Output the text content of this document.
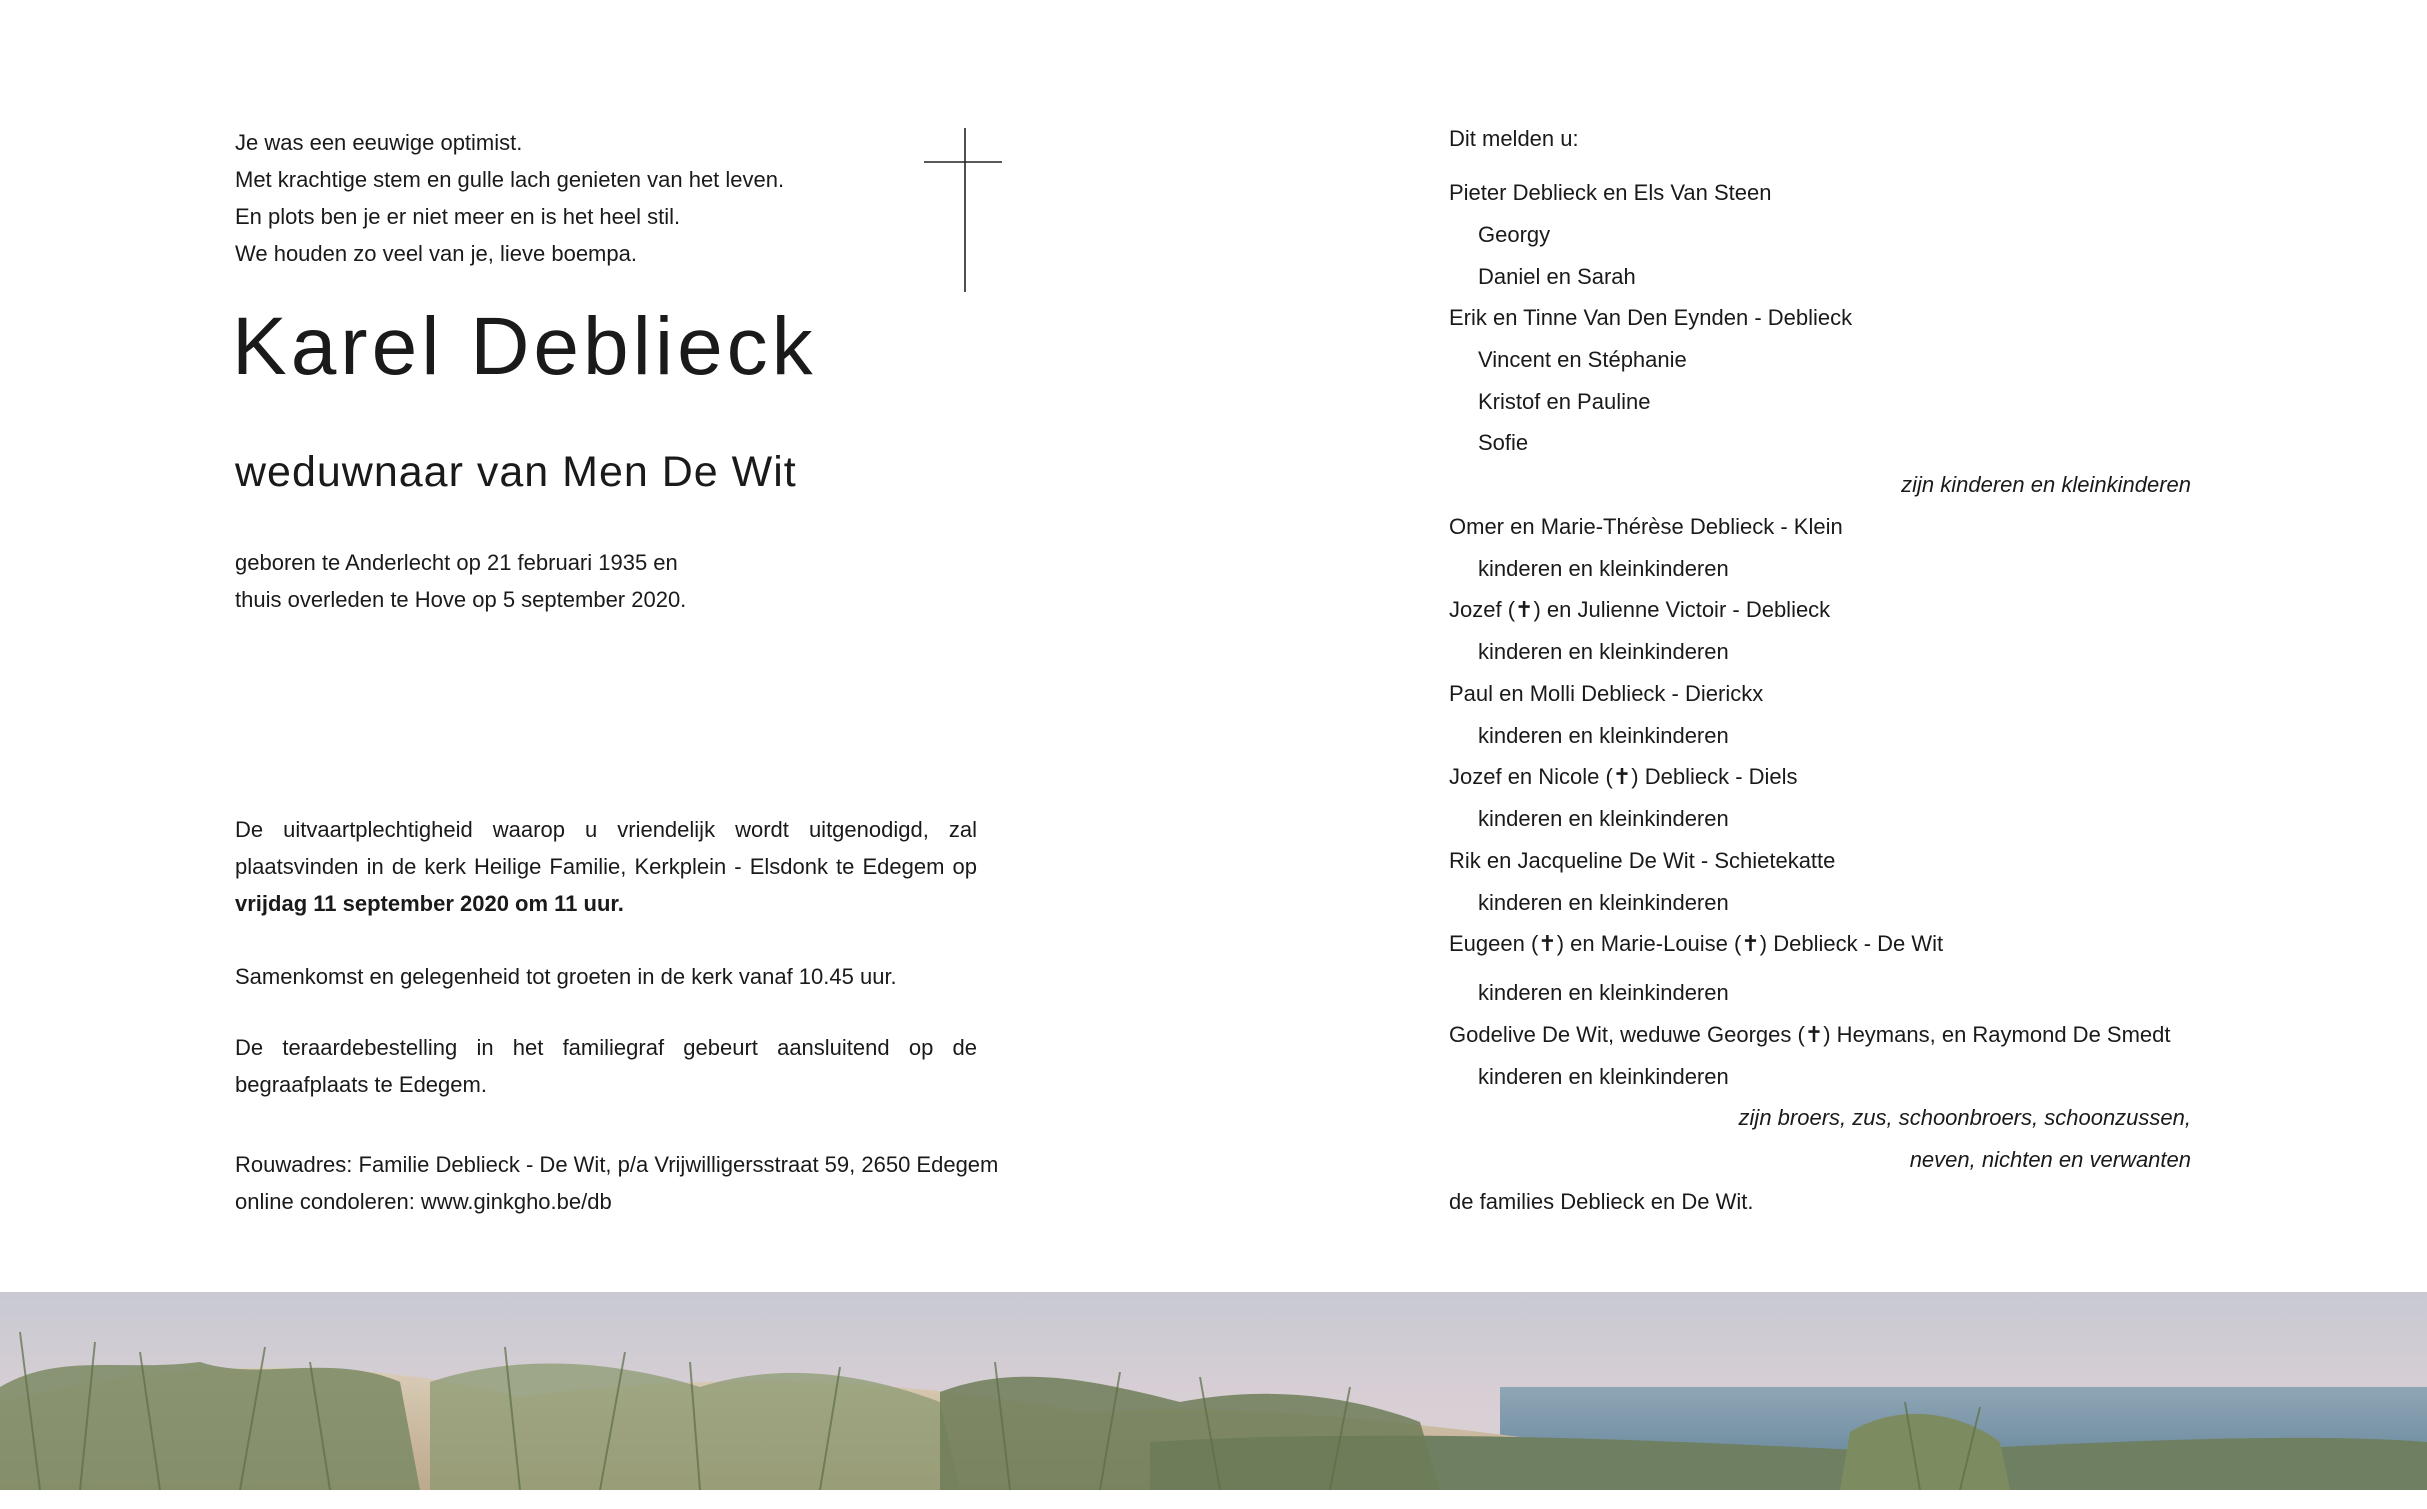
Je was een eeuwige optimist.
Met krachtige stem en gulle lach genieten van het leven.
En plots ben je er niet meer en is het heel stil.
We houden zo veel van je, lieve boempa.
Karel Deblieck
weduwnaar van Men De Wit
geboren te Anderlecht op 21 februari 1935 en
thuis overleden te Hove op 5 september 2020.
De uitvaartplechtigheid waarop u vriendelijk wordt uitgenodigd, zal plaatsvinden in de kerk Heilige Familie, Kerkplein - Elsdonk te Edegem op vrijdag 11 september 2020 om 11 uur.
Samenkomst en gelegenheid tot groeten in de kerk vanaf 10.45 uur.
De teraardebestelling in het familiegraf gebeurt aansluitend op de begraafplaats te Edegem.
Rouwadres: Familie Deblieck - De Wit, p/a Vrijwilligersstraat 59, 2650 Edegem
online condoleren: www.ginkgho.be/db
Dit melden u:
Pieter Deblieck en Els Van Steen
Georgy
Daniel en Sarah
Erik en Tinne Van Den Eynden - Deblieck
Vincent en Stéphanie
Kristof en Pauline
Sofie
zijn kinderen en kleinkinderen
Omer en Marie-Thérèse Deblieck - Klein
kinderen en kleinkinderen
Jozef (✝) en Julienne Victoir - Deblieck
kinderen en kleinkinderen
Paul en Molli Deblieck - Dierickx
kinderen en kleinkinderen
Jozef en Nicole (✝) Deblieck - Diels
kinderen en kleinkinderen
Rik en Jacqueline De Wit - Schietekatte
kinderen en kleinkinderen
Eugeen (✝) en Marie-Louise (✝) Deblieck - De Wit
kinderen en kleinkinderen
Godelive De Wit, weduwe Georges (✝) Heymans, en Raymond De Smedt
kinderen en kleinkinderen
zijn broers, zus, schoonbroers, schoonzussen,
neven, nichten en verwanten
de families Deblieck en De Wit.
